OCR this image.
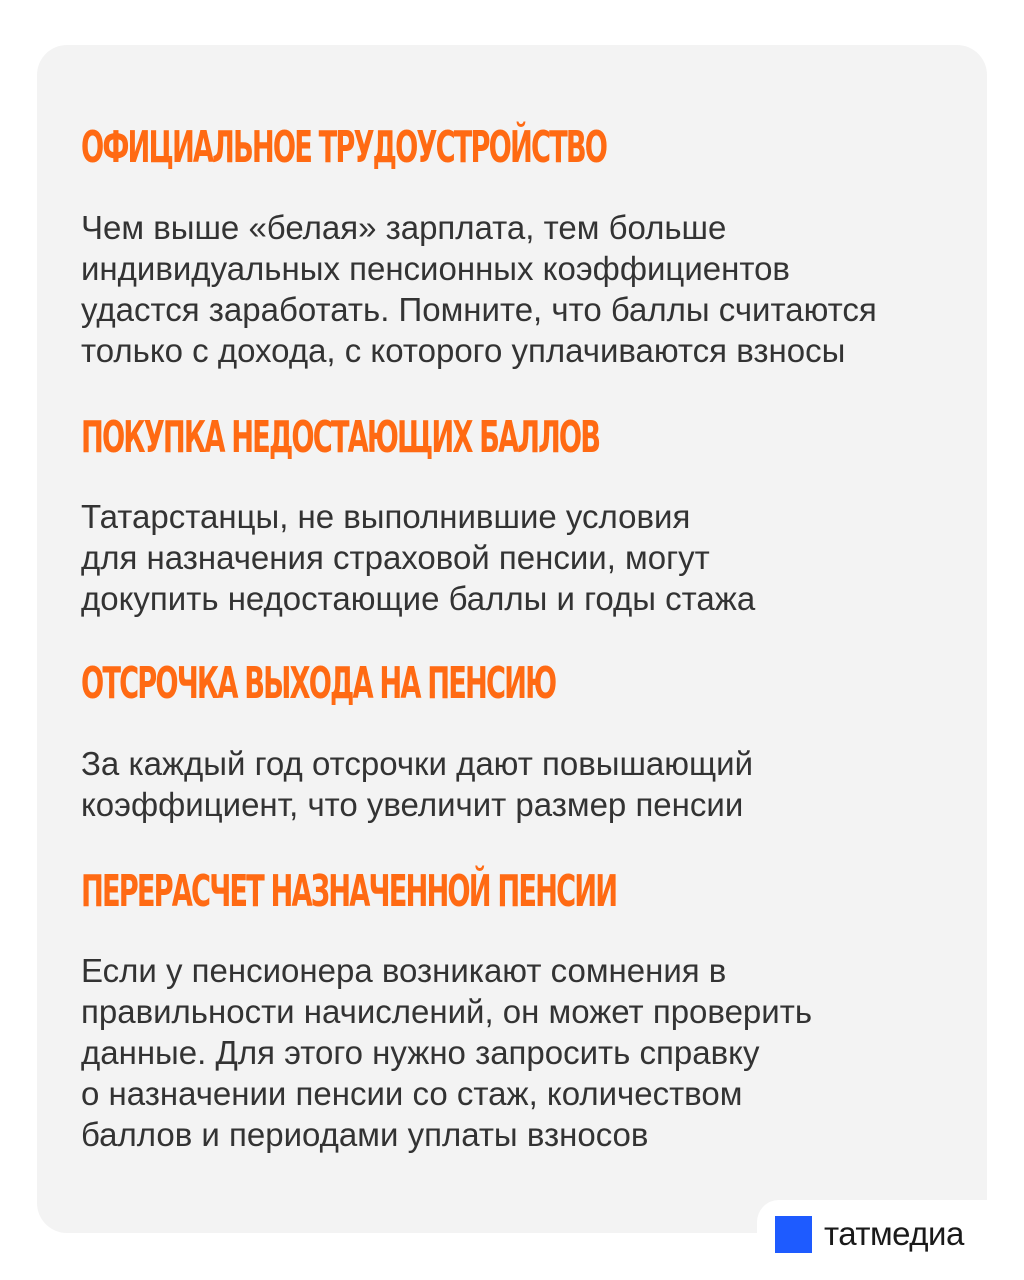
ОФИЦИАЛЬНОЕ ТРУДОУСТРОЙСТВО

Чем выше «белая» зарплата, тем больше
индивидуальных пенсионных коэффициентов
удастся заработать. Помните, что баллы считаются
только с дохода, с которого уплачиваются взносы

ПОКУПКА НЕДОСТАЮЩИХ БАЛЛОВ

Татарстанцы, не выполнившие условия
для назначения страховой пенсии, могут
докупить недостающие баллы и годы стажа

ОТСРОЧКА ВЫХОДА НА ПЕНСИЮ

За каждый год отсрочки дают повышающий
коэффициент, что увеличит размер пенсии

ПЕРЕРАСЧЕТ НАЗНАЧЕННОЙ ПЕНСИИ

Если у пенсионера возникают сомнения в
правильности начислений, он может проверить
данные. Для этого нужно запросить справку
о назначении пенсии со стаж, количеством
баллов и периодами уплаты взносов

татмедиа
